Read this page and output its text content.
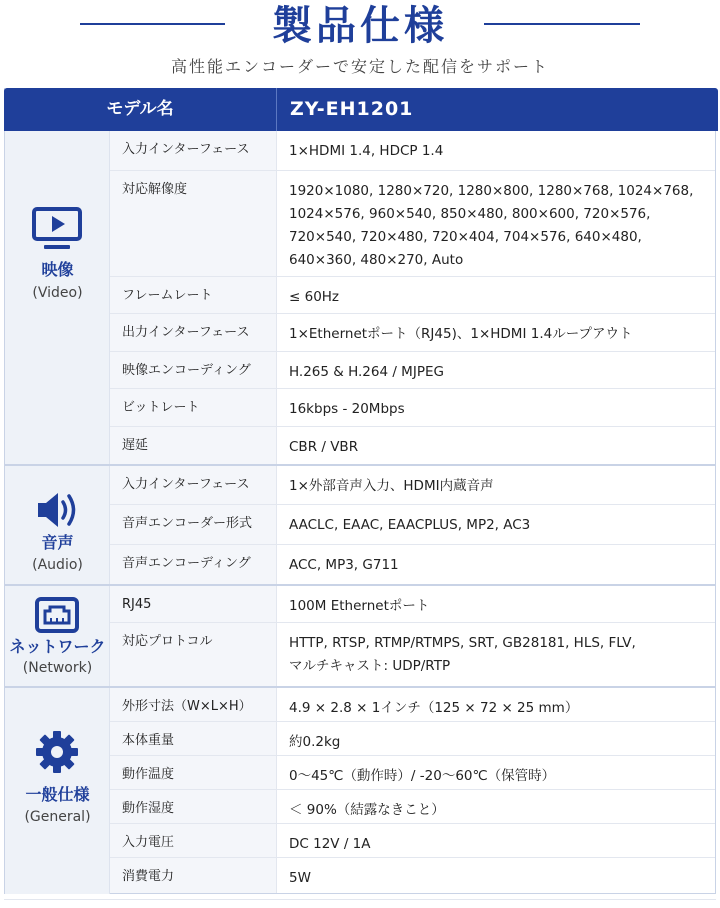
製品仕様
高性能エンコーダーで安定した配信をサポート
モデル名	ZY-EH1201
映像
(Video)
入力インターフェース	1×HDMI 1.4, HDCP 1.4
対応解像度	1920×1080, 1280×720, 1280×800, 1280×768, 1024×768,
1024×576, 960×540, 850×480, 800×600, 720×576,
720×540, 720×480, 720×404, 704×576, 640×480,
640×360, 480×270, Auto
フレームレート	≤ 60Hz
出力インターフェース	1×Ethernetポート（RJ45)、1×HDMI 1.4ループアウト
映像エンコーディング	H.265 & H.264 / MJPEG
ビットレート	16kbps - 20Mbps
遅延	CBR / VBR
音声
(Audio)
入力インターフェース	1×外部音声入力、HDMI内蔵音声
音声エンコーダー形式	AACLC, EAAC, EAACPLUS, MP2, AC3
音声エンコーディング	ACC, MP3, G711
ネットワーク
(Network)
RJ45	100M Ethernetポート
対応プロトコル	HTTP, RTSP, RTMP/RTMPS, SRT, GB28181, HLS, FLV,
マルチキャスト: UDP/RTP
一般仕様
(General)
外形寸法（W×L×H）	4.9 × 2.8 × 1インチ（125 × 72 × 25 mm）
本体重量	約0.2kg
動作温度	0～45℃（動作時）/ -20～60℃（保管時）
動作湿度	＜ 90%（結露なきこと）
入力電圧	DC 12V / 1A
消費電力	5W
